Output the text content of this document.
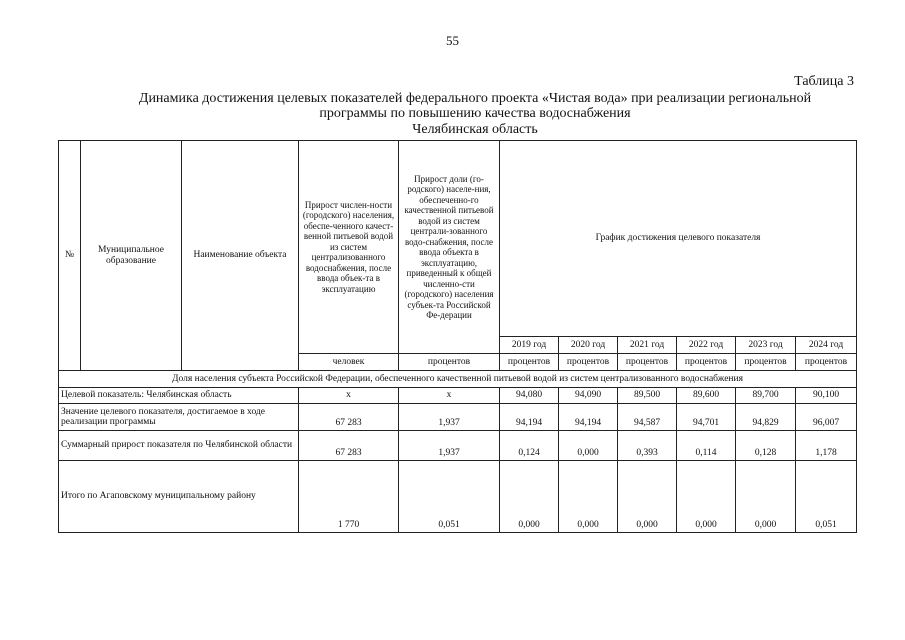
55
Таблица 3
Динамика достижения целевых показателей федерального проекта «Чистая вода» при реализации региональной
программы по повышению качества водоснабжения
Челябинская область
№	Муниципальное образование	Наименование объекта	Прирост числен-ности (городского) населения, обеспе-ченного качест-венной питьевой водой из систем централизованного водоснабжения, после ввода объек-та в эксплуатацию	Прирост доли (го-родского) населе-ния, обеспеченно-го качественной питьевой водой из систем централи-зованного водо-снабжения, после ввода объекта в эксплуатацию, приведенный к общей численно-сти (городского) населения субъек-та Российской Фе-дерации	График достижения целевого показателя					
					2019 год	2020 год	2021 год	2022 год	2023 год	2024 год
			человек	процентов	процентов	процентов	процентов	процентов	процентов	процентов
Доля населения субъекта Российской Федерации, обеспеченного качественной питьевой водой из систем централизованного водоснабжения										
Целевой показатель: Челябинская область			х	х	94,080	94,090	89,500	89,600	89,700	90,100
Значение целевого показателя, достигаемое в ходе реализации программы			67 283	1,937	94,194	94,194	94,587	94,701	94,829	96,007
Суммарный прирост показателя по Челябинской области			67 283	1,937	0,124	0,000	0,393	0,114	0,128	1,178
Итого по Агаповскому муниципальному району			1 770	0,051	0,000	0,000	0,000	0,000	0,000	0,051
